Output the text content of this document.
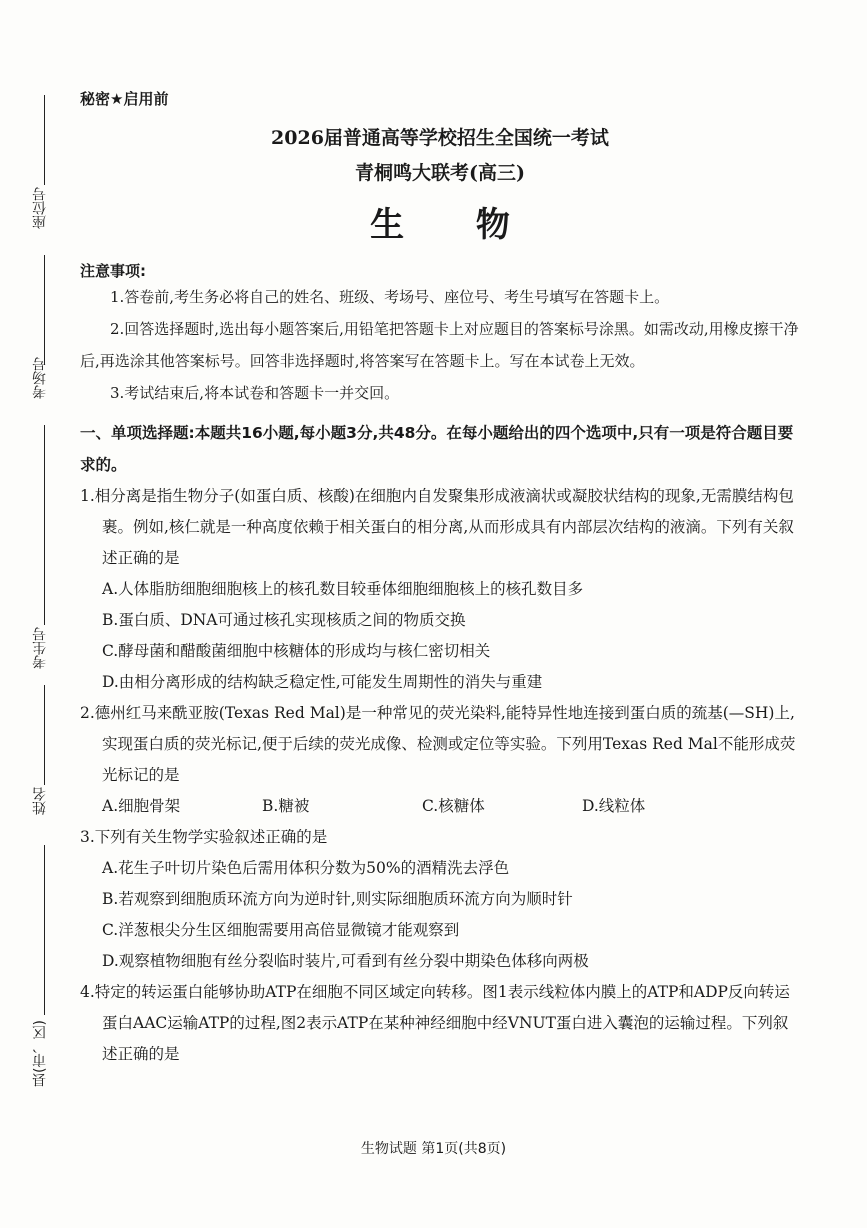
座位号
考场号
考生号
姓名
县(市、区)
秘密★启用前
2026届普通高等学校招生全国统一考试
青桐鸣大联考(高三)
生 物
注意事项:
1.答卷前,考生务必将自己的姓名、班级、考场号、座位号、考生号填写在答题卡上。
2.回答选择题时,选出每小题答案后,用铅笔把答题卡上对应题目的答案标号涂黑。如需改动,用橡皮擦干净后,再选涂其他答案标号。回答非选择题时,将答案写在答题卡上。写在本试卷上无效。
3.考试结束后,将本试卷和答题卡一并交回。
一、单项选择题:本题共16小题,每小题3分,共48分。在每小题给出的四个选项中,只有一项是符合题目要求的。
1.相分离是指生物分子(如蛋白质、核酸)在细胞内自发聚集形成液滴状或凝胶状结构的现象,无需膜结构包裹。例如,核仁就是一种高度依赖于相关蛋白的相分离,从而形成具有内部层次结构的液滴。下列有关叙述正确的是
A.人体脂肪细胞细胞核上的核孔数目较垂体细胞细胞核上的核孔数目多
B.蛋白质、DNA可通过核孔实现核质之间的物质交换
C.酵母菌和醋酸菌细胞中核糖体的形成均与核仁密切相关
D.由相分离形成的结构缺乏稳定性,可能发生周期性的消失与重建
2.德州红马来酰亚胺(Texas Red Mal)是一种常见的荧光染料,能特异性地连接到蛋白质的巯基(—SH)上,实现蛋白质的荧光标记,便于后续的荧光成像、检测或定位等实验。下列用Texas Red Mal不能形成荧光标记的是
A.细胞骨架	B.糖被	C.核糖体	D.线粒体
3.下列有关生物学实验叙述正确的是
A.花生子叶切片染色后需用体积分数为50%的酒精洗去浮色
B.若观察到细胞质环流方向为逆时针,则实际细胞质环流方向为顺时针
C.洋葱根尖分生区细胞需要用高倍显微镜才能观察到
D.观察植物细胞有丝分裂临时装片,可看到有丝分裂中期染色体移向两极
4.特定的转运蛋白能够协助ATP在细胞不同区域定向转移。图1表示线粒体内膜上的ATP和ADP反向转运蛋白AAC运输ATP的过程,图2表示ATP在某种神经细胞中经VNUT蛋白进入囊泡的运输过程。下列叙述正确的是
生物试题 第1页(共8页)
